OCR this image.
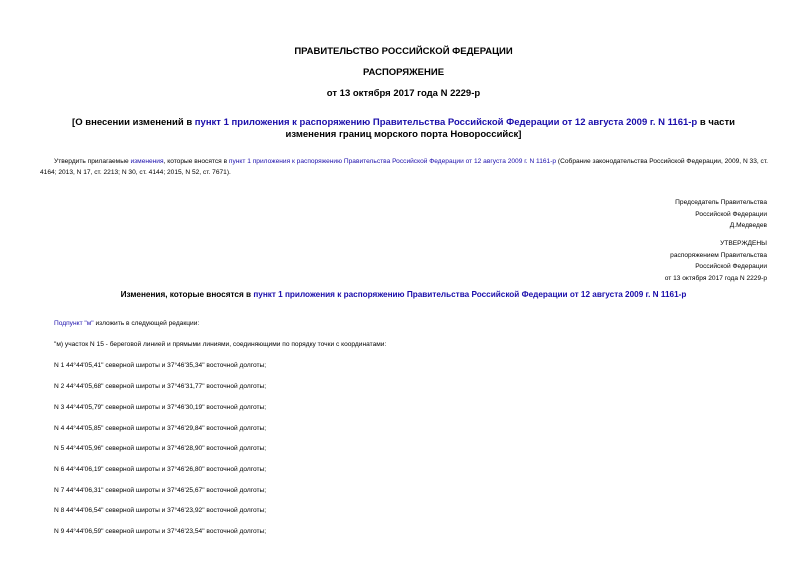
ПРАВИТЕЛЬСТВО РОССИЙСКОЙ ФЕДЕРАЦИИ
РАСПОРЯЖЕНИЕ
от 13 октября 2017 года N 2229-р
[О внесении изменений в пункт 1 приложения к распоряжению Правительства Российской Федерации от 12 августа 2009 г. N 1161-р в части изменения границ морского порта Новороссийск]
Утвердить прилагаемые изменения, которые вносятся в пункт 1 приложения к распоряжению Правительства Российской Федерации от 12 августа 2009 г. N 1161-р (Собрание законодательства Российской Федерации, 2009, N 33, ст. 4164; 2013, N 17, ст. 2213; N 30, ст. 4144; 2015, N 52, ст. 7671).
Председатель Правительства
Российской Федерации
Д.Медведев
УТВЕРЖДЕНЫ
распоряжением Правительства
Российской Федерации
от 13 октября 2017 года N 2229-р
Изменения, которые вносятся в пункт 1 приложения к распоряжению Правительства Российской Федерации от 12 августа 2009 г. N 1161-р
Подпункт "м" изложить в следующей редакции:
"м) участок N 15 - береговой линией и прямыми линиями, соединяющими по порядку точки с координатами:
N 1 44°44'05,41" северной широты и 37°46'35,34" восточной долготы;
N 2 44°44'05,68" северной широты и 37°46'31,77" восточной долготы;
N 3 44°44'05,79" северной широты и 37°46'30,19" восточной долготы;
N 4 44°44'05,85" северной широты и 37°46'29,84" восточной долготы;
N 5 44°44'05,96" северной широты и 37°46'28,90" восточной долготы;
N 6 44°44'06,19" северной широты и 37°46'26,80" восточной долготы;
N 7 44°44'06,31" северной широты и 37°46'25,67" восточной долготы;
N 8 44°44'06,54" северной широты и 37°46'23,92" восточной долготы;
N 9 44°44'06,59" северной широты и 37°46'23,54" восточной долготы;
